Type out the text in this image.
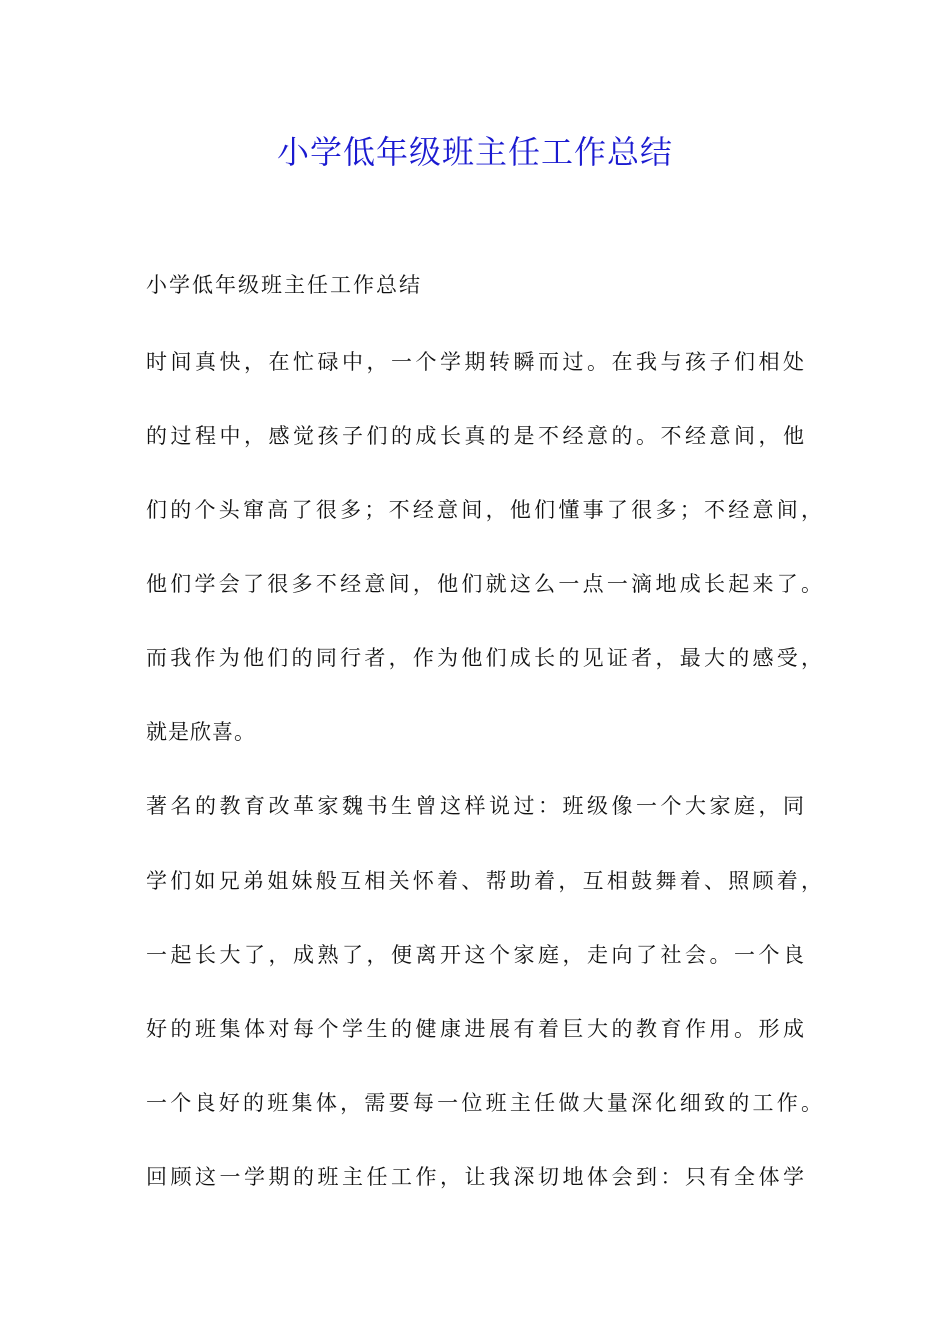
小学低年级班主任工作总结
小学低年级班主任工作总结
时间真快，在忙碌中，一个学期转瞬而过。在我与孩子们相处
的过程中，感觉孩子们的成长真的是不经意的。不经意间，他
们的个头窜高了很多；不经意间，他们懂事了很多；不经意间，
他们学会了很多不经意间，他们就这么一点一滴地成长起来了。
而我作为他们的同行者，作为他们成长的见证者，最大的感受，
就是欣喜。
著名的教育改革家魏书生曾这样说过：班级像一个大家庭，同
学们如兄弟姐妹般互相关怀着、帮助着，互相鼓舞着、照顾着，
一起长大了，成熟了，便离开这个家庭，走向了社会。一个良
好的班集体对每个学生的健康进展有着巨大的教育作用。形成
一个良好的班集体，需要每一位班主任做大量深化细致的工作。
回顾这一学期的班主任工作，让我深切地体会到：只有全体学
